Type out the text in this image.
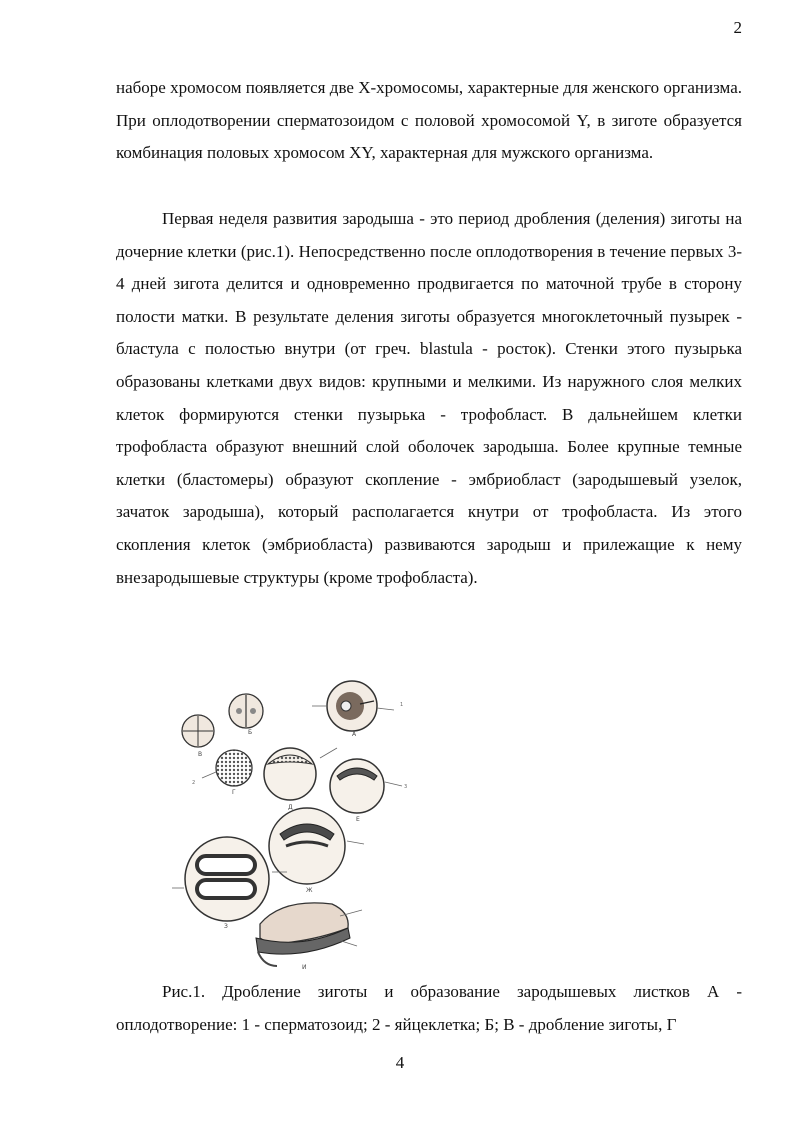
2

наборе хромосом появляется две Х-хромосомы, характерные для женского организма. При оплодотворении сперматозоидом с половой хромосомой Y, в зиготе образуется комбинация половых хромосом XY, характерная для мужского организма.

Первая неделя развития зародыша - это период дробления (деления) зиготы на дочерние клетки (рис.1). Непосредственно после оплодотворения в течение первых 3-4 дней зигота делится и одновременно продвигается по маточной трубе в сторону полости матки. В результате деления зиготы образуется многоклеточный пузырек - бластула с полостью внутри (от греч. blastula - росток). Стенки этого пузырька образованы клетками двух видов: крупными и мелкими. Из наружного слоя мелких клеток формируются стенки пузырька - трофобласт. В дальнейшем клетки трофобласта образуют внешний слой оболочек зародыша. Более крупные темные клетки (бластомеры) образуют скопление - эмбриобласт (зародышевый узелок, зачаток зародыша), который располагается кнутри от трофобласта. Из этого скопления клеток (эмбриобласта) развиваются зародыш и прилежащие к нему внезародышевые структуры (кроме трофобласта).

А
Б
В
Г
Д
Е
Ж
З
И
1
2
3

Рис.1. Дробление зиготы и образование зародышевых листков А - оплодотворение: 1 - сперматозоид; 2 - яйцеклетка; Б; В - дробление зиготы, Г

4
